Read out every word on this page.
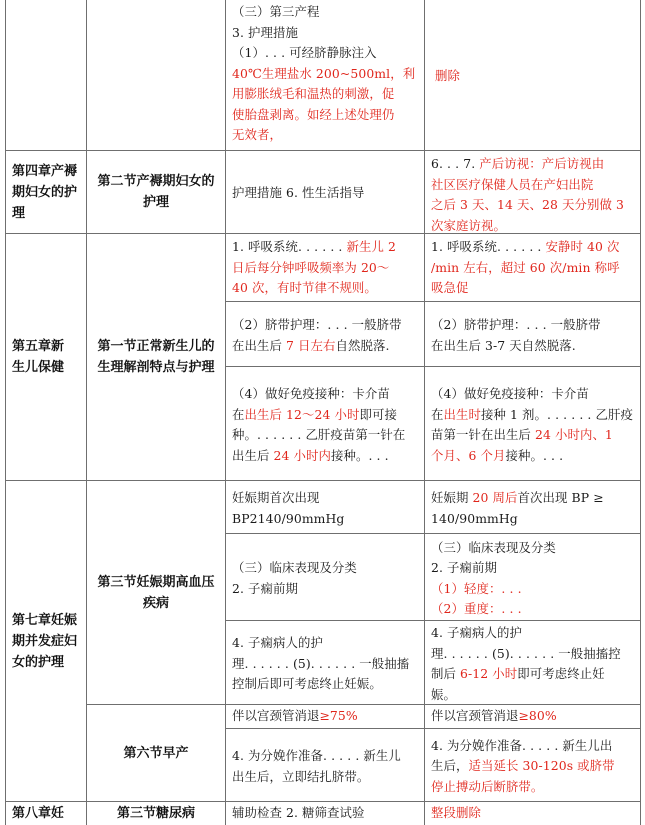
第四章产褥期妇女的护理
第五章新生儿保健
第七章妊娠期并发症妇女的护理
第八章妊
第二节产褥期妇女的护理
第一节正常新生儿的生理解剖特点与护理
第三节妊娠期高血压疾病
第六节早产
第三节糖尿病
（三）第三产程
3. 护理措施
（1）. . . 可经脐静脉注入
40℃生理盐水 200~500ml，利
用膨胀绒毛和温热的刺激，促
使胎盘剥离。如经上述处理仍
无效者，
删除
护理措施 6. 性生活指导
6. . . 7. 产后访视：产后访视由
社区医疗保健人员在产妇出院
之后 3 天、14 天、28 天分别做 3
次家庭访视。
1. 呼吸系统. . . . . . 新生儿 2
日后每分钟呼吸频率为 20～
40 次，有时节律不规则。
1. 呼吸系统. . . . . . 安静时 40 次
/min 左右，超过 60 次/min 称呼
吸急促
（2）脐带护理：. . . 一般脐带
在出生后 7 日左右自然脱落.
（2）脐带护理：. . . 一般脐带
在出生后 3-7 天自然脱落.
（4）做好免疫接种：卡介苗
在出生后 12～24 小时即可接
种。. . . . . . 乙肝疫苗第一针在
出生后 24 小时内接种。. . .
（4）做好免疫接种：卡介苗
在出生时接种 1 剂。. . . . . . 乙肝疫
苗第一针在出生后 24 小时内、1
个月、6 个月接种。. . .
妊娠期首次出现
BP2140/90mmHg
妊娠期 20 周后首次出现 BP ≥
140/90mmHg
（三）临床表现及分类
2. 子痫前期
（三）临床表现及分类
2. 子痫前期
（1）轻度：. . .
（2）重度：. . .
4. 子痫病人的护
理. . . . . . (5). . . . . . 一般抽搐
控制后即可考虑终止妊娠。
4. 子痫病人的护
理. . . . . . (5). . . . . . 一般抽搐控
制后 6-12 小时即可考虑终止妊
娠。
伴以宫颈管消退≥75%	伴以宫颈管消退≥80%
4. 为分娩作准备. . . . . 新生儿
出生后，立即结扎脐带。
4. 为分娩作准备. . . . . 新生儿出
生后，适当延长 30-120s 或脐带
停止搏动后断脐带。
辅助检查 2. 糖筛查试验	整段删除
